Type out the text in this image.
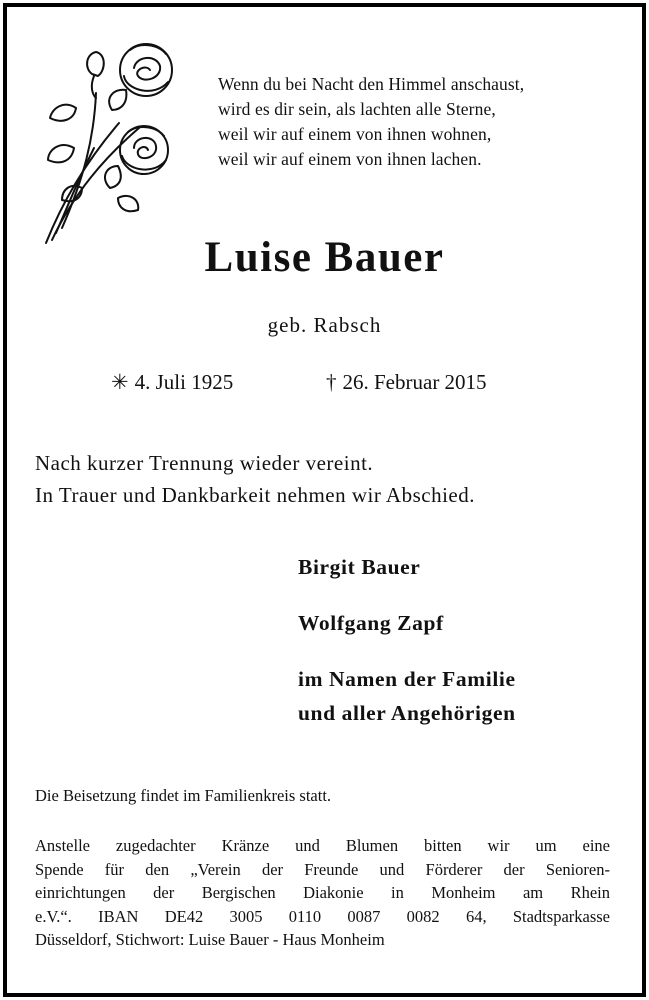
Wenn du bei Nacht den Himmel anschaust,
wird es dir sein, als lachten alle Sterne,
weil wir auf einem von ihnen wohnen,
weil wir auf einem von ihnen lachen.
Luise Bauer
geb. Rabsch
✳ 4. Juli 1925	† 26. Februar 2015
Nach kurzer Trennung wieder vereint.
In Trauer und Dankbarkeit nehmen wir Abschied.
Birgit Bauer
Wolfgang Zapf
im Namen der Familie
und aller Angehörigen
Die Beisetzung findet im Familienkreis statt.
Anstelle zugedachter Kränze und Blumen bitten wir um eine
Spende für den „Verein der Freunde und Förderer der Senioren-
einrichtungen der Bergischen Diakonie in Monheim am Rhein
e.V.“. IBAN DE42 3005 0110 0087 0082 64, Stadtsparkasse
Düsseldorf, Stichwort: Luise Bauer - Haus Monheim
